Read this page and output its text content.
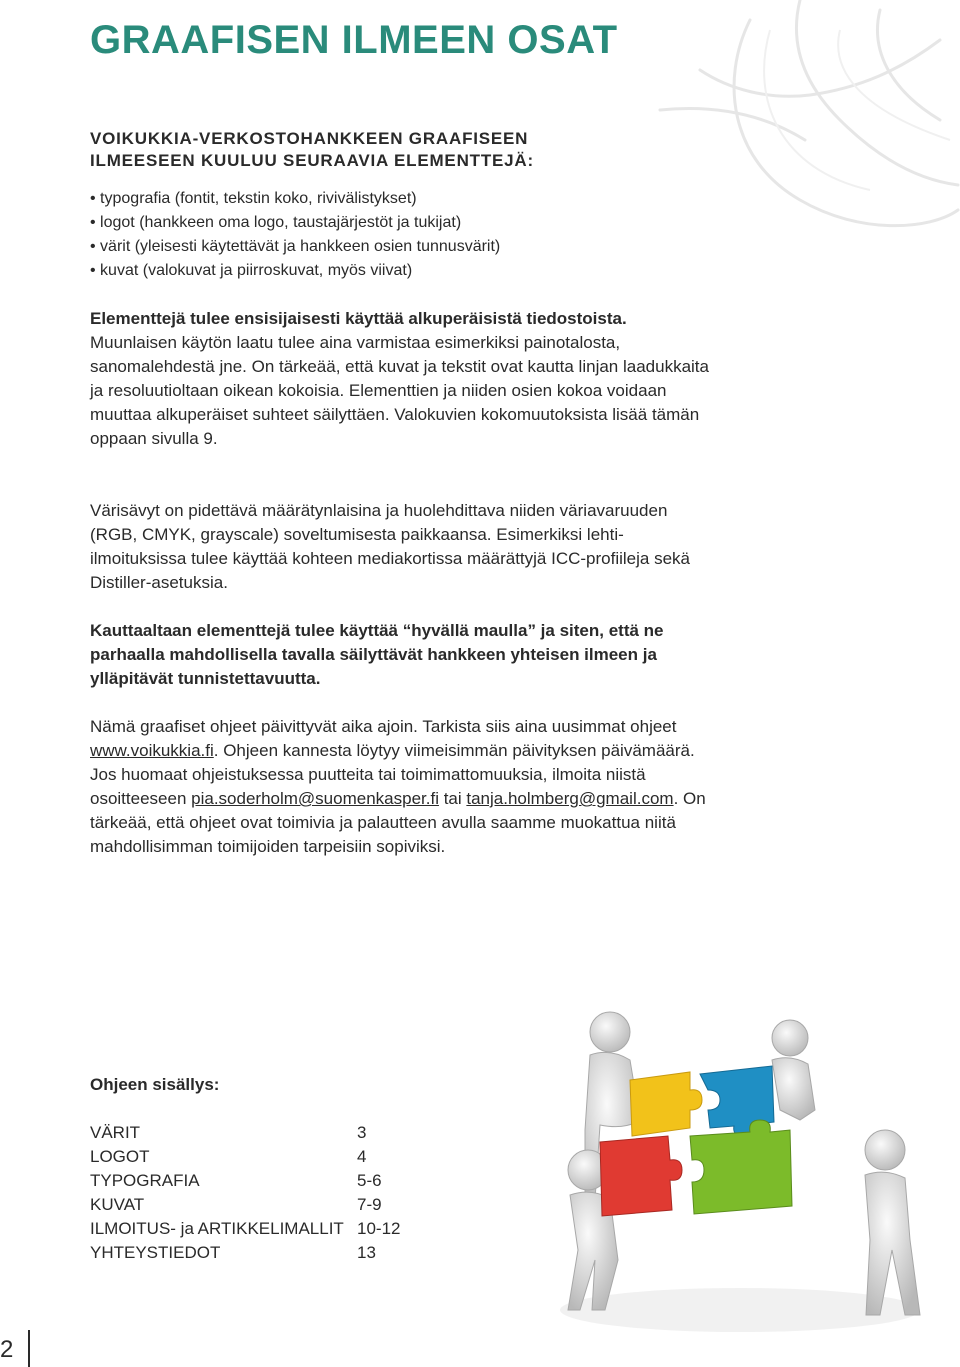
GRAAFISEN ILMEEN OSAT
VOIKUKKIA-VERKOSTOHANKKEEN GRAAFISEEN
ILMEESEEN KUULUU SEURAAVIA ELEMENTTEJÄ:
• typografia (fontit, tekstin koko, rivivälistykset)
• logot (hankkeen oma logo, taustajärjestöt ja tukijat)
• värit (yleisesti käytettävät ja hankkeen osien tunnusvärit)
• kuvat (valokuvat ja piirroskuvat, myös viivat)

Elementtejä tulee ensisijaisesti käyttää alkuperäisistä tiedostoista. Muunlaisen käytön laatu tulee aina varmistaa esimerkiksi painotalosta, sanomalehdestä jne. On tärkeää, että kuvat ja tekstit ovat kautta linjan laadukkaita ja resoluutioltaan oikean kokoisia. Elementtien ja niiden osien kokoa voidaan muuttaa alkuperäiset suhteet säilyttäen. Valokuvien kokomuutoksista lisää tämän oppaan sivulla 9.

Värisävyt on pidettävä määrätynlaisina ja huolehdittava niiden väriavaruuden (RGB, CMYK, grayscale) soveltumisesta paikkaansa. Esimerkiksi lehti-ilmoituksissa tulee käyttää kohteen mediakortissa määrättyjä ICC-profiileja sekä Distiller-asetuksia.

Kauttaaltaan elementtejä tulee käyttää “hyvällä maulla” ja siten, että ne parhaalla mahdollisella tavalla säilyttävät hankkeen yhteisen ilmeen ja ylläpitävät tunnistettavuutta.

Nämä graafiset ohjeet päivittyvät aika ajoin. Tarkista siis aina uusimmat ohjeet www.voikukkia.fi. Ohjeen kannesta löytyy viimeisimmän päivityksen päivämäärä. Jos huomaat ohjeistuksessa puutteita tai toimimattomuuksia, ilmoita niistä osoitteeseen pia.soderholm@suomenkasper.fi tai tanja.holmberg@gmail.com. On tärkeää, että ohjeet ovat toimivia ja palautteen avulla saamme muokattua niitä mahdollisimman toimijoiden tarpeisiin sopiviksi.

Ohjeen sisällys:
VÄRIT	3
LOGOT	4
TYPOGRAFIA	5-6
KUVAT	7-9
ILMOITUS- ja ARTIKKELIMALLIT 10-12
YHTEYSTIEDOT	13
2
